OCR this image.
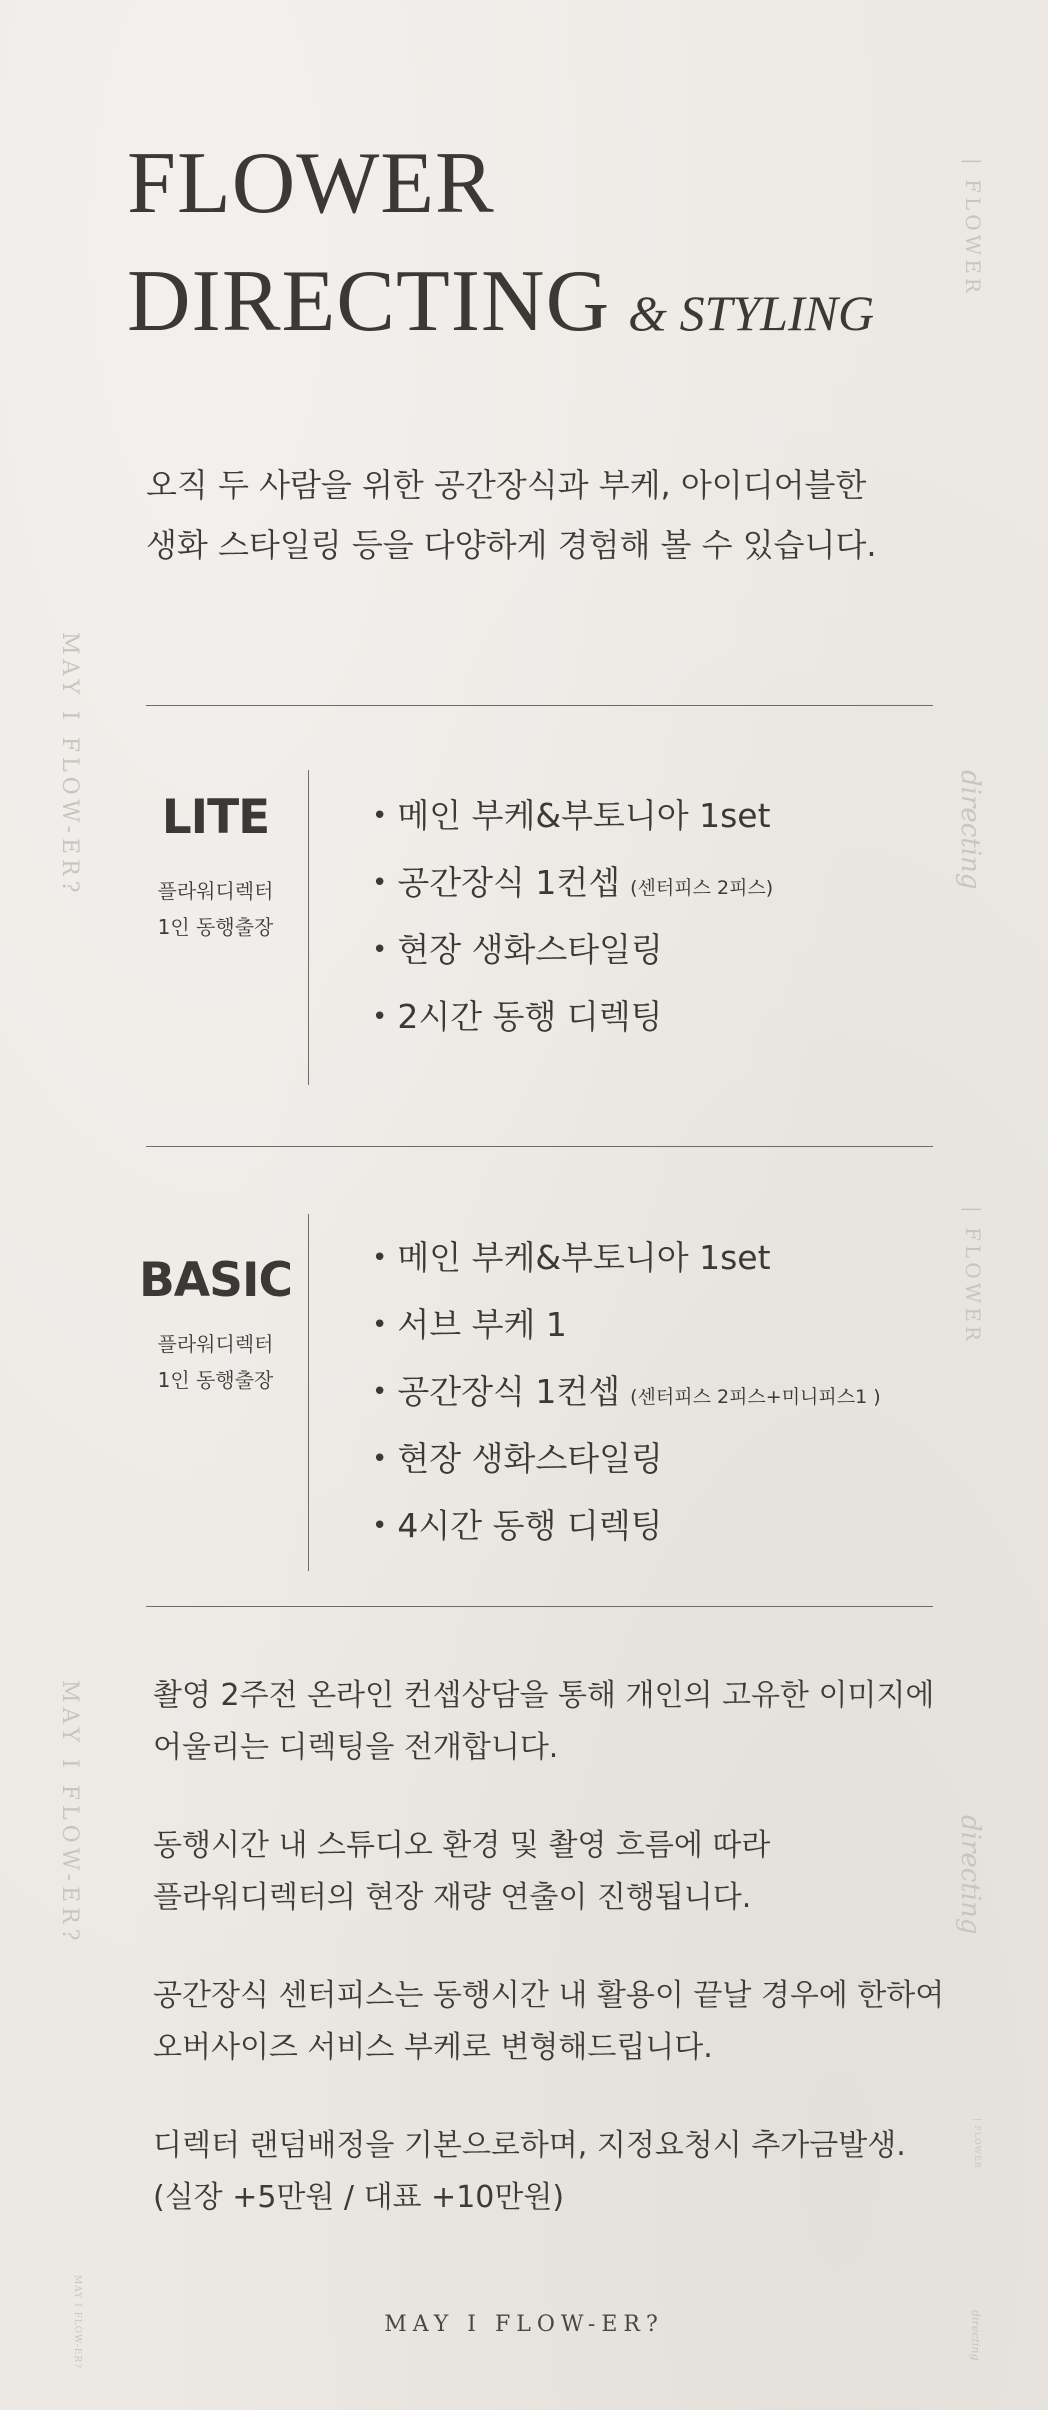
FLOWER
DIRECTING & STYLING
오직 두 사람을 위한 공간장식과 부케, 아이디어블한
생화 스타일링 등을 다양하게 경험해 볼 수 있습니다.
LITE
플라워디렉터
1인 동행출장
• 메인 부케&부토니아 1set
• 공간장식 1컨셉 (센터피스 2피스)
• 현장 생화스타일링
• 2시간 동행 디렉팅
BASIC
플라워디렉터
1인 동행출장
• 메인 부케&부토니아 1set
• 서브 부케 1
• 공간장식 1컨셉 (센터피스 2피스+미니피스1 )
• 현장 생화스타일링
• 4시간 동행 디렉팅

촬영 2주전 온라인 컨셉상담을 통해 개인의 고유한 이미지에
어울리는 디렉팅을 전개합니다.

동행시간 내 스튜디오 환경 및 촬영 흐름에 따라
플라워디렉터의 현장 재량 연출이 진행됩니다.

공간장식 센터피스는 동행시간 내 활용이 끝날 경우에 한하여
오버사이즈 서비스 부케로 변형해드립니다.

디렉터 랜덤배정을 기본으로하며, 지정요청시 추가금발생.
(실장 +5만원 / 대표 +10만원)

MAY I FLOW-ER?
MAY I FLOW-ER?
MAY I FLOW-ER?
MAY I FLOW-ER?
| FLOWER
directing
| FLOWER
directing
| FLOWER
directing
